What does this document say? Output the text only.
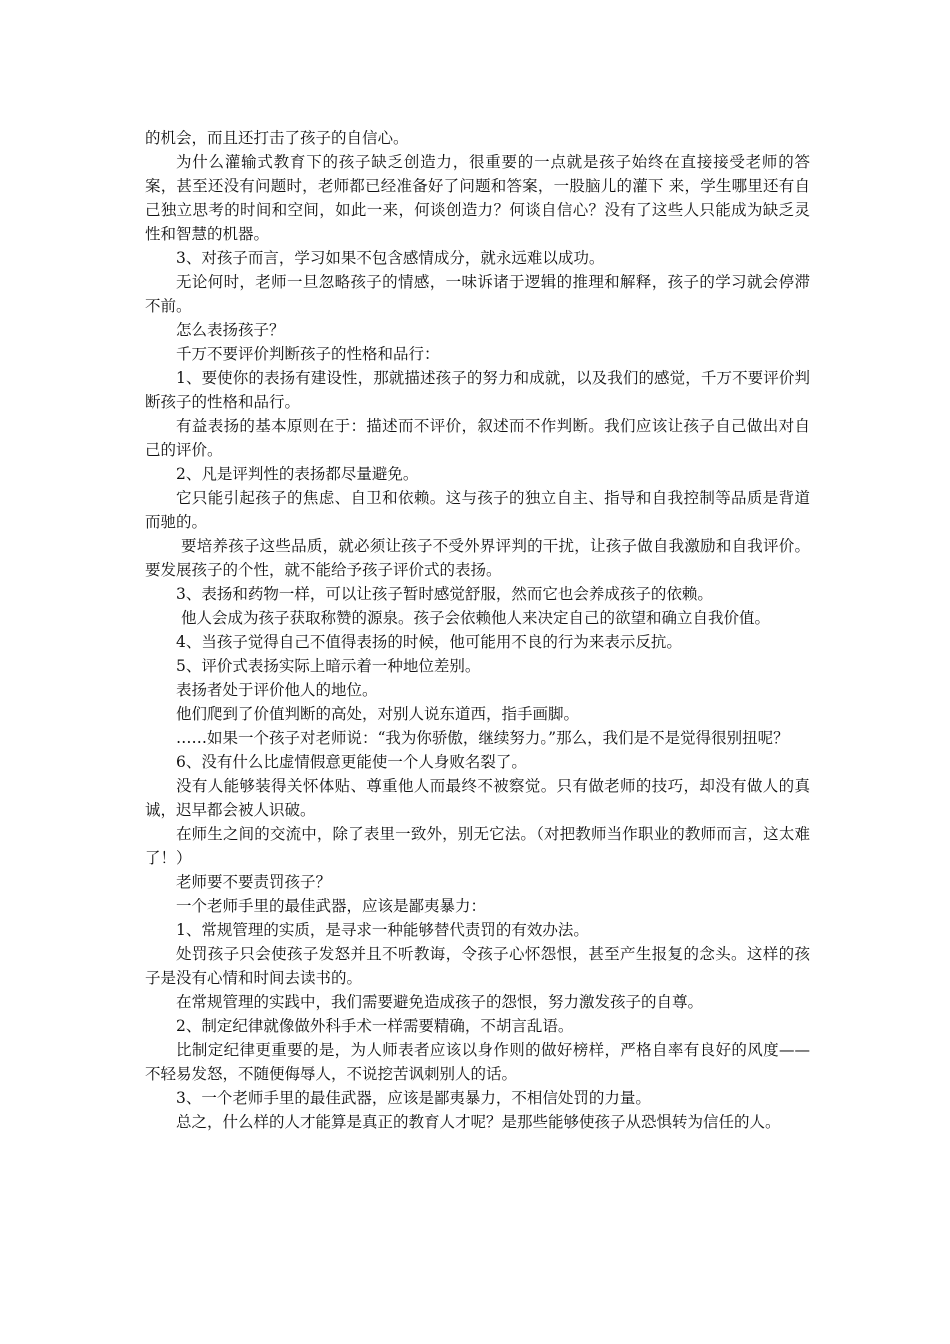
的机会，而且还打击了孩子的自信心。

为什么灌输式教育下的孩子缺乏创造力，很重要的一点就是孩子始终在直接接受老师的答案，甚至还没有问题时，老师都已经准备好了问题和答案，一股脑儿的灌下 来，学生哪里还有自己独立思考的时间和空间，如此一来，何谈创造力？何谈自信心？没有了这些人只能成为缺乏灵性和智慧的机器。

3、对孩子而言，学习如果不包含感情成分，就永远难以成功。

无论何时，老师一旦忽略孩子的情感，一味诉诸于逻辑的推理和解释，孩子的学习就会停滞不前。

怎么表扬孩子？

千万不要评价判断孩子的性格和品行：

1、要使你的表扬有建设性，那就描述孩子的努力和成就，以及我们的感觉，千万不要评价判断孩子的性格和品行。

有益表扬的基本原则在于：描述而不评价，叙述而不作判断。我们应该让孩子自己做出对自己的评价。

2、凡是评判性的表扬都尽量避免。

它只能引起孩子的焦虑、自卫和依赖。这与孩子的独立自主、指导和自我控制等品质是背道而驰的。

要培养孩子这些品质，就必须让孩子不受外界评判的干扰，让孩子做自我激励和自我评价。要发展孩子的个性，就不能给予孩子评价式的表扬。

3、表扬和药物一样，可以让孩子暂时感觉舒服，然而它也会养成孩子的依赖。

他人会成为孩子获取称赞的源泉。孩子会依赖他人来决定自己的欲望和确立自我价值。

4、当孩子觉得自己不值得表扬的时候，他可能用不良的行为来表示反抗。

5、评价式表扬实际上暗示着一种地位差别。

表扬者处于评价他人的地位。

他们爬到了价值判断的高处，对别人说东道西，指手画脚。

……如果一个孩子对老师说：“我为你骄傲，继续努力。”那么，我们是不是觉得很别扭呢？

6、没有什么比虚情假意更能使一个人身败名裂了。

没有人能够装得关怀体贴、尊重他人而最终不被察觉。只有做老师的技巧，却没有做人的真诚，迟早都会被人识破。

在师生之间的交流中，除了表里一致外，别无它法。（对把教师当作职业的教师而言，这太难了！）

老师要不要责罚孩子？

一个老师手里的最佳武器，应该是鄙夷暴力：

1、常规管理的实质，是寻求一种能够替代责罚的有效办法。

处罚孩子只会使孩子发怒并且不听教诲，令孩子心怀怨恨，甚至产生报复的念头。这样的孩子是没有心情和时间去读书的。

在常规管理的实践中，我们需要避免造成孩子的怨恨，努力激发孩子的自尊。

2、制定纪律就像做外科手术一样需要精确，不胡言乱语。

比制定纪律更重要的是，为人师表者应该以身作则的做好榜样，严格自率有良好的风度——不轻易发怒，不随便侮辱人，不说挖苦讽刺别人的话。

3、一个老师手里的最佳武器，应该是鄙夷暴力，不相信处罚的力量。

总之，什么样的人才能算是真正的教育人才呢？是那些能够使孩子从恐惧转为信任的人。
